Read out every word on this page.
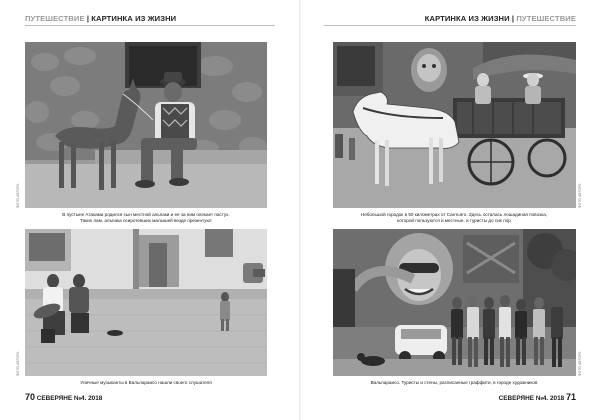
ПУТЕШЕСТВИЕ | КАРТИНКА ИЗ ЖИЗНИ
ФОТО АВТОРА
В пустыне Атакама родился сын местной альпаки и ее за ним опекает пастух.
Таких лам, альпака осиротевших малышей везде презентуют
ФОТО АВТОРА
Уличные музыканты в Вальпараисо нашли своего слушателя
70 СЕВЕРЯНЕ №4. 2018
КАРТИНКА ИЗ ЖИЗНИ | ПУТЕШЕСТВИЕ
ФОТО АВТОРА
Небольшой городок в 50 километрах от Сантьяго. Здесь осталась лошадиная повозка,
которой пользуются и местные, и туристы до сих пор
ФОТО АВТОРА
Вальпараисо. Туристы и стены, расписанные граффити, в городе художников
СЕВЕРЯНЕ №4. 2018 71
